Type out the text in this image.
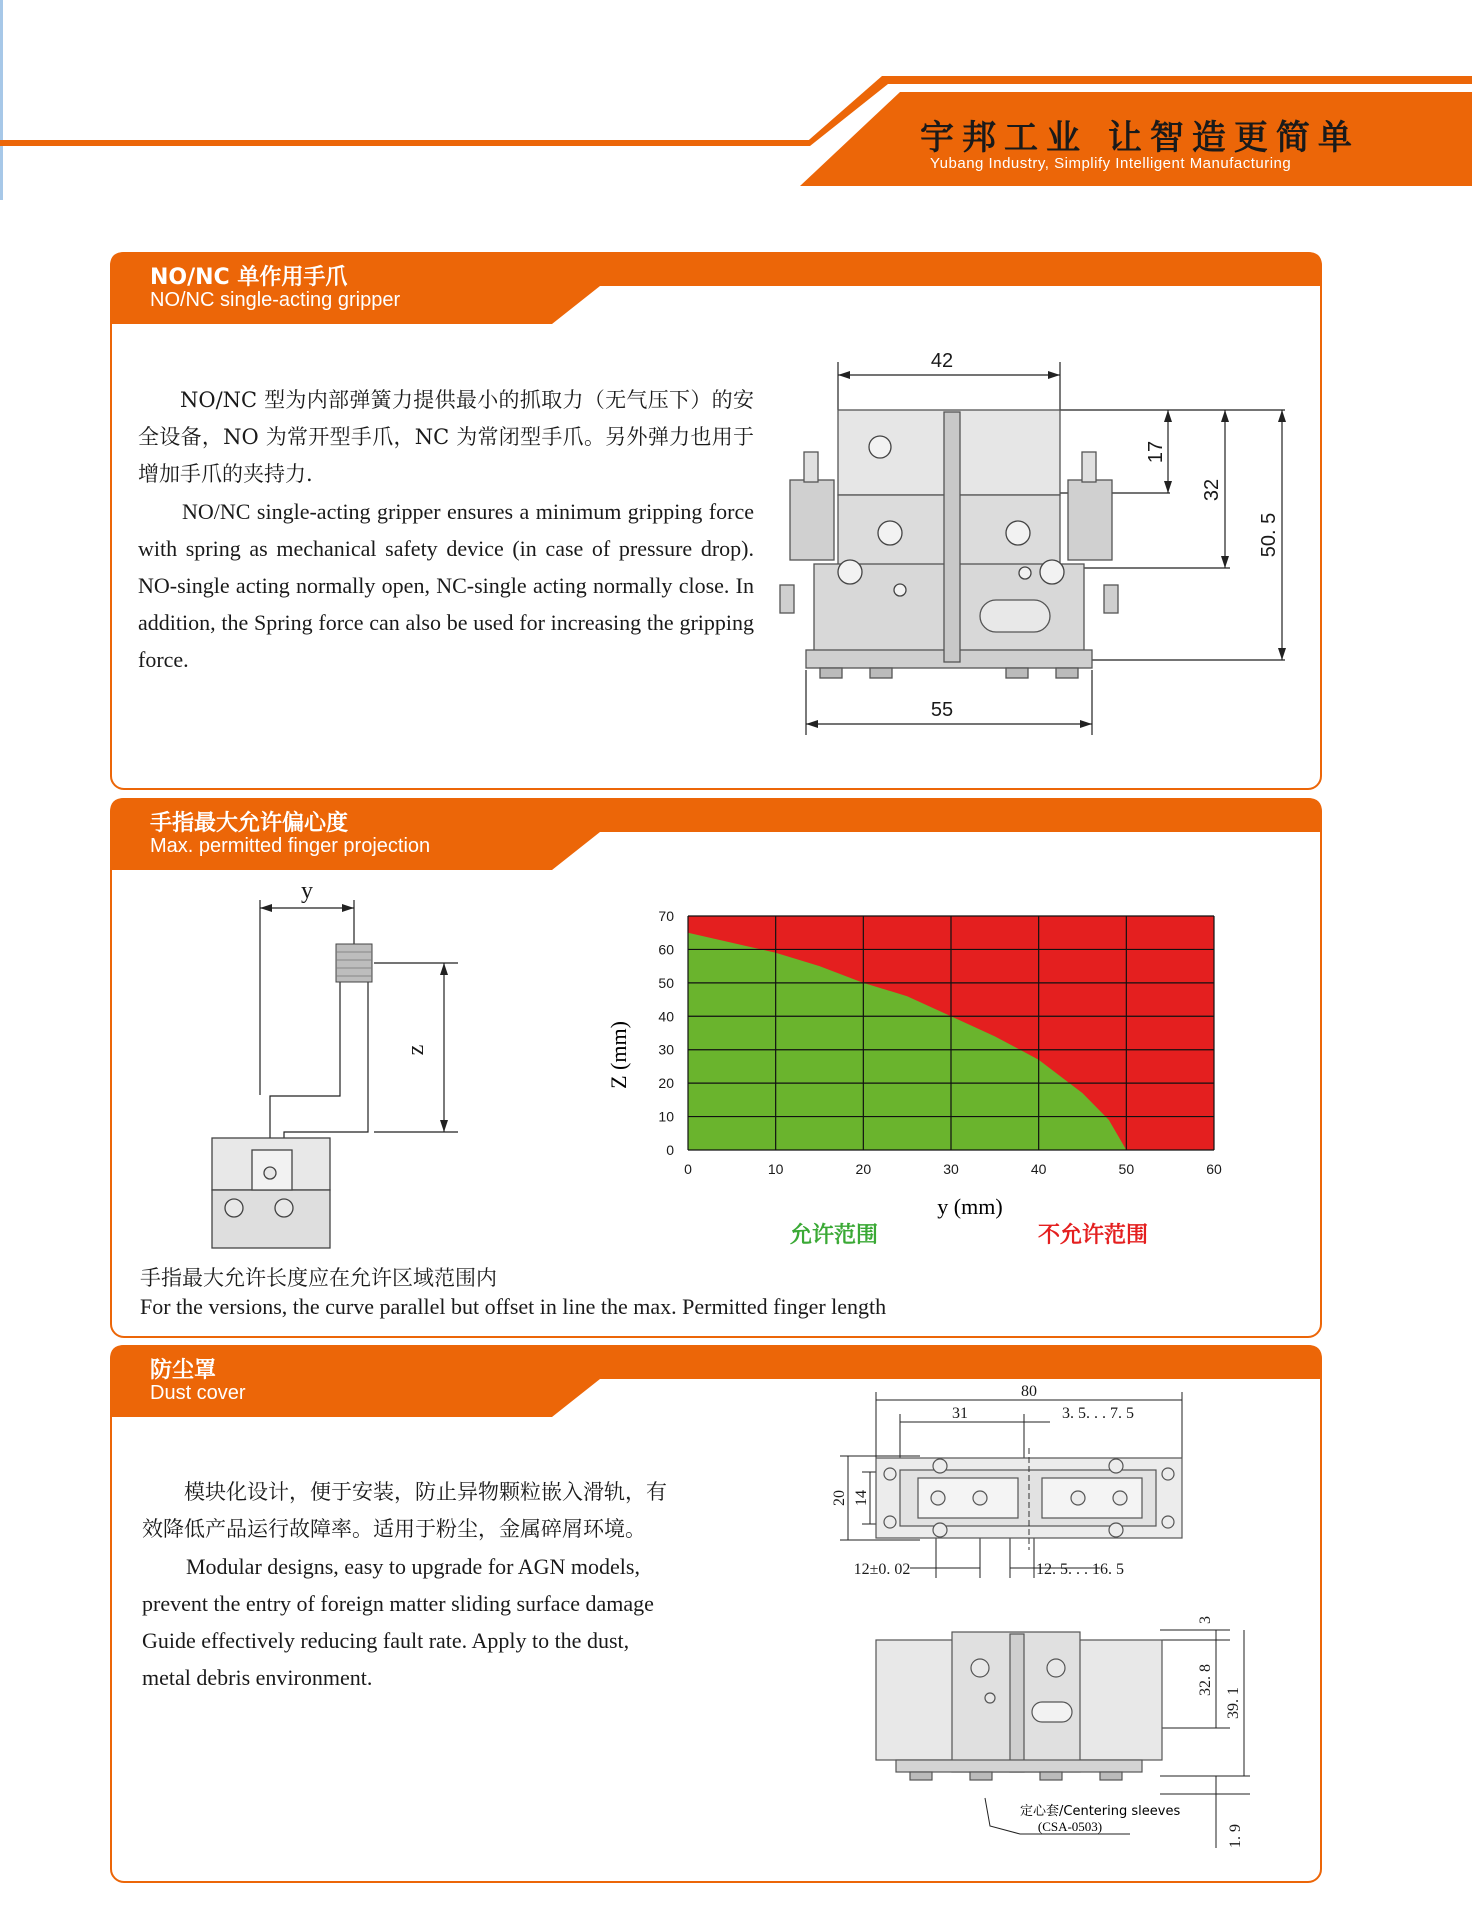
宇邦工业 让智造更简单
Yubang Industry, Simplify Intelligent Manufacturing
NO/NC 单作用手爪
NO/NC single-acting gripper

NO/NC 型为内部弹簧力提供最小的抓取力（无气压下）的安全设备，NO 为常开型手爪，NC 为常闭型手爪。另外弹力也用于增加手爪的夹持力.

NO/NC single-acting gripper ensures a minimum gripping force with spring as mechanical safety device (in case of pressure drop). NO-single acting normally open, NC-single acting normally close. In addition, the Spring force can also be used for increasing the gripping force.

42
55
17
32
50. 5
手指最大允许偏心度
Max. permitted finger projection
y
z
0	10	20	30	40	50	60
0
10
20
30
40
50
60
70
y (mm)
Z (mm)
允许范围	不允许范围
手指最大允许长度应在允许区域范围内
For the versions, the curve parallel but offset in line the max. Permitted finger length
防尘罩
Dust cover

模块化设计，便于安装，防止异物颗粒嵌入滑轨，有效降低产品运行故障率。适用于粉尘，金属碎屑环境。

Modular designs, easy to upgrade for AGN models, prevent the entry of foreign matter sliding surface damage Guide effectively reducing fault rate. Apply to the dust, metal debris environment.

80
31	3. 5. . . 7. 5
20 14
12±0. 02	12. 5. . . 16. 5
3
32. 8
39. 1
1. 9
定心套/Centering sleeves
(CSA-0503)
